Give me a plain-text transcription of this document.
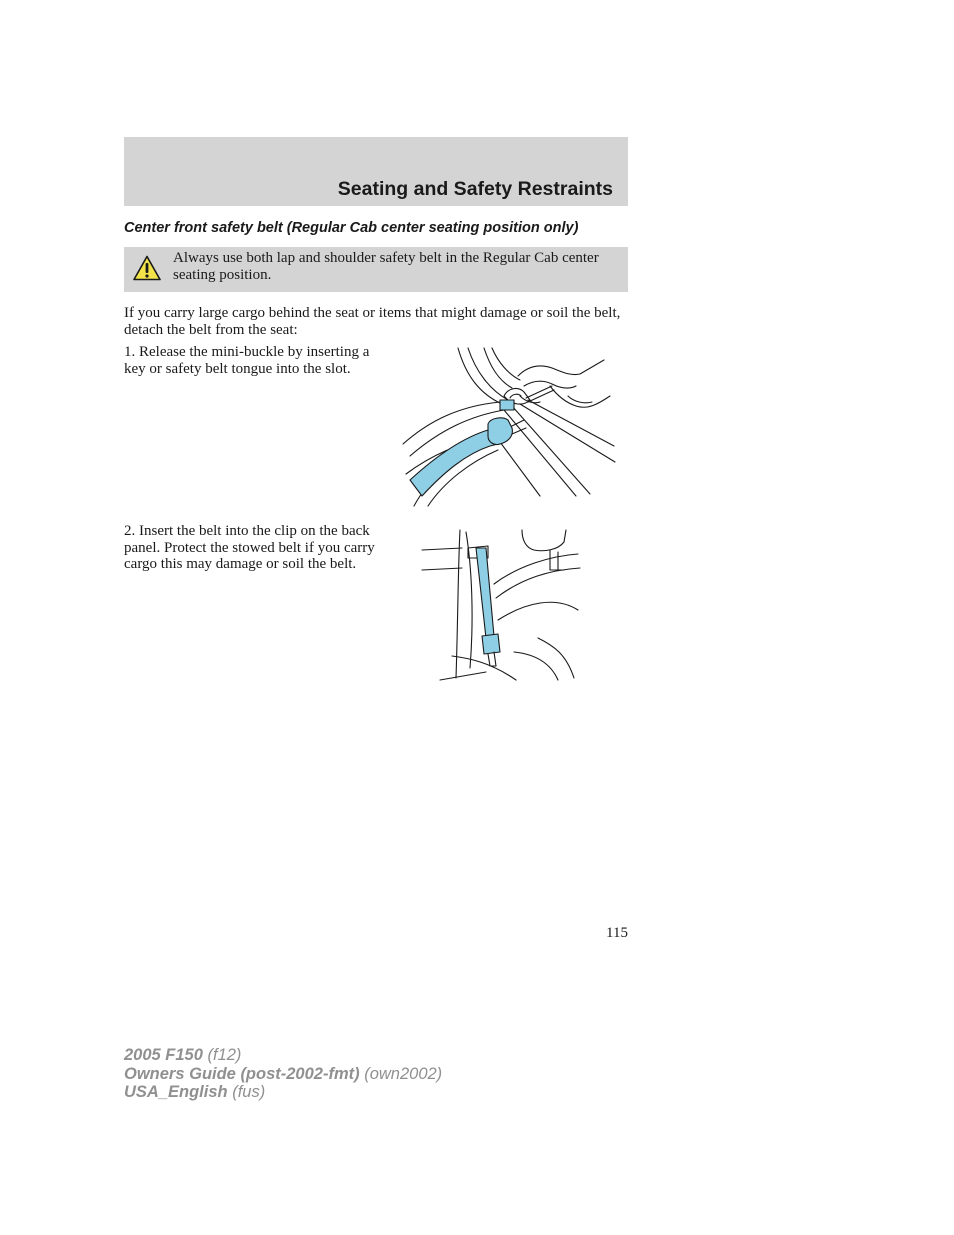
Seating and Safety Restraints
Center front safety belt (Regular Cab center seating position only)

Always use both lap and shoulder safety belt in the Regular Cab center seating position.

If you carry large cargo behind the seat or items that might damage or soil the belt, detach the belt from the seat:

1. Release the mini-buckle by inserting a key or safety belt tongue into the slot.

2. Insert the belt into the clip on the back panel. Protect the stowed belt if you carry cargo this may damage or soil the belt.

115

2005 F150 (f12)
Owners Guide (post-2002-fmt) (own2002)
USA_English (fus)
